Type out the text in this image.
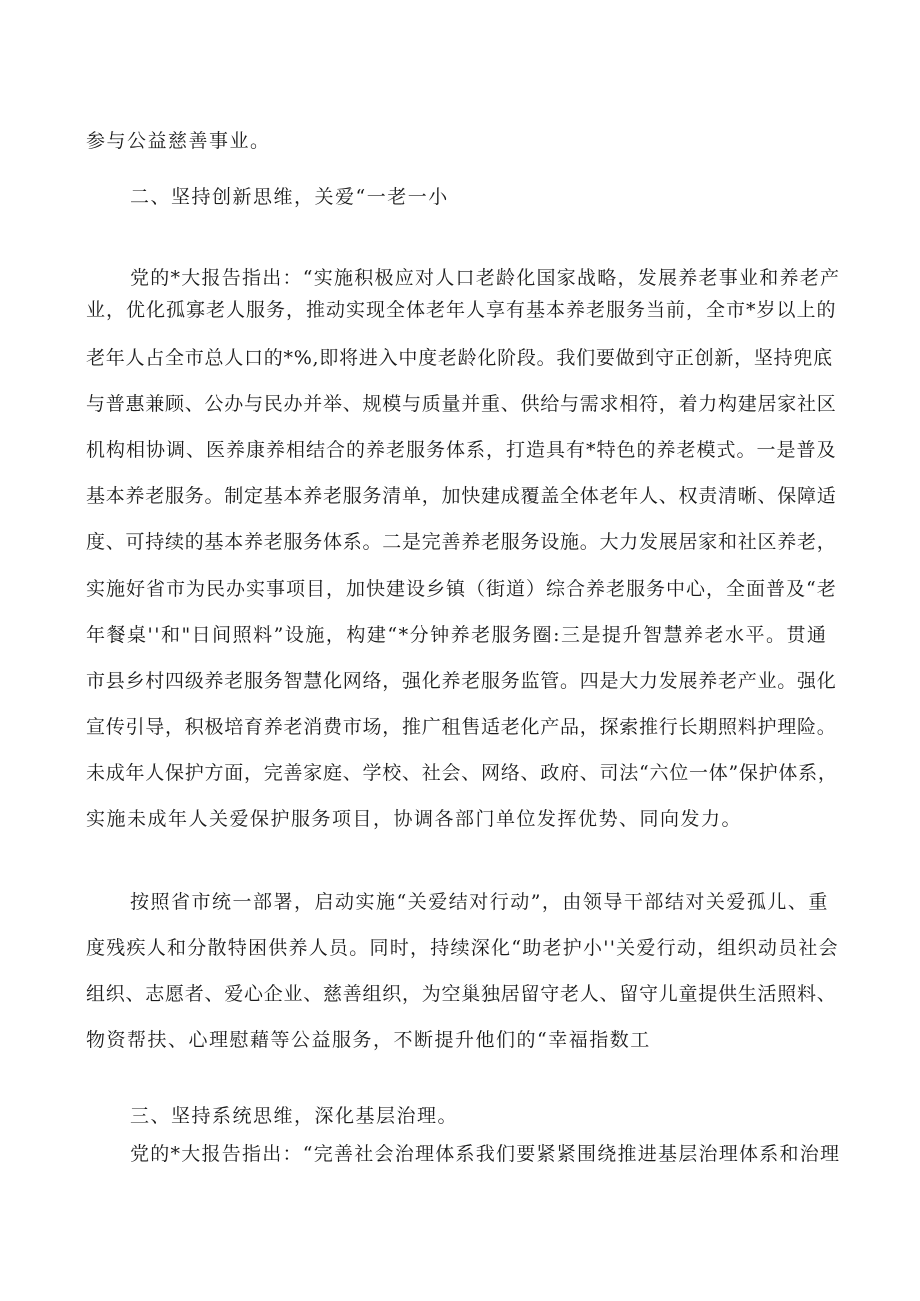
参与公益慈善事业。

二、坚持创新思维，关爱“一老一小

党的*大报告指出：“实施积极应对人口老龄化国家战略，发展养老事业和养老产

业，优化孤寡老人服务，推动实现全体老年人享有基本养老服务当前，全市*岁以上的

老年人占全市总人口的*%,即将进入中度老龄化阶段。我们要做到守正创新，坚持兜底

与普惠兼顾、公办与民办并举、规模与质量并重、供给与需求相符，着力构建居家社区

机构相协调、医养康养相结合的养老服务体系，打造具有*特色的养老模式。一是普及

基本养老服务。制定基本养老服务清单，加快建成覆盖全体老年人、权责清晰、保障适

度、可持续的基本养老服务体系。二是完善养老服务设施。大力发展居家和社区养老，

实施好省市为民办实事项目，加快建设乡镇（街道）综合养老服务中心，全面普及“老

年餐桌''和"日间照料”设施，构建“*分钟养老服务圈:三是提升智慧养老水平。贯通

市县乡村四级养老服务智慧化网络，强化养老服务监管。四是大力发展养老产业。强化

宣传引导，积极培育养老消费市场，推广租售适老化产品，探索推行长期照料护理险。

未成年人保护方面，完善家庭、学校、社会、网络、政府、司法“六位一体”保护体系，

实施未成年人关爱保护服务项目，协调各部门单位发挥优势、同向发力。

按照省市统一部署，启动实施“关爱结对行动”，由领导干部结对关爱孤儿、重

度残疾人和分散特困供养人员。同时，持续深化“助老护小''关爱行动，组织动员社会

组织、志愿者、爱心企业、慈善组织，为空巢独居留守老人、留守儿童提供生活照料、

物资帮扶、心理慰藉等公益服务，不断提升他们的“幸福指数工

三、坚持系统思维，深化基层治理。

党的*大报告指出：“完善社会治理体系我们要紧紧围绕推进基层治理体系和治理
